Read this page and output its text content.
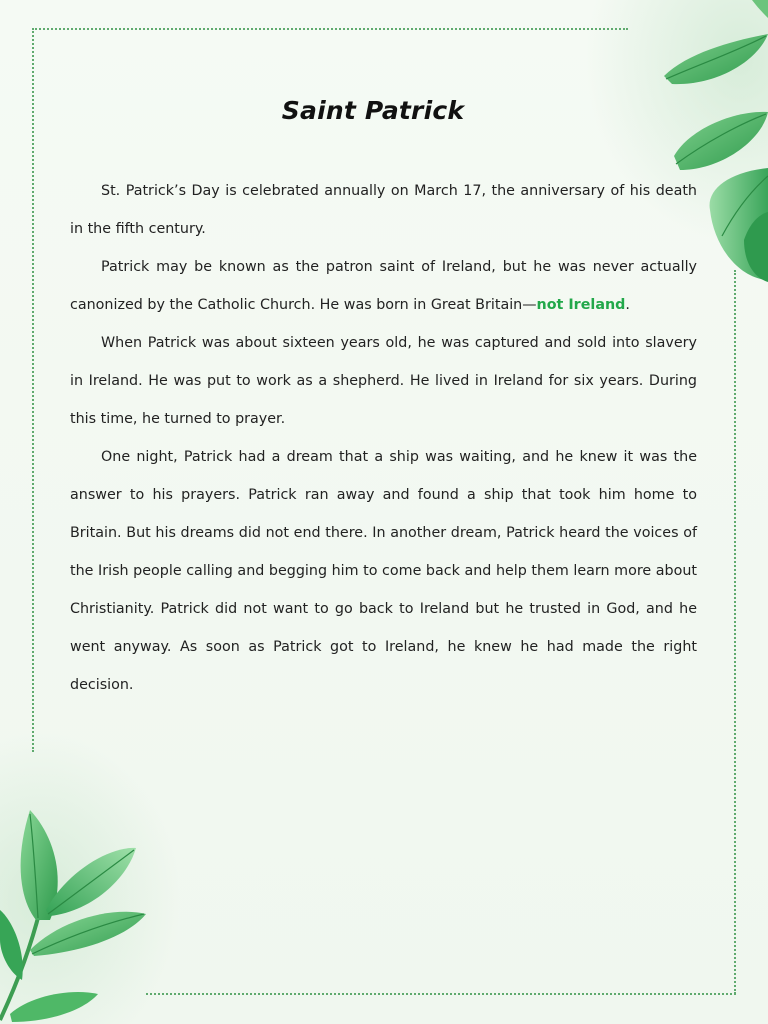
Saint Patrick

St. Patrick’s Day is celebrated annually on March 17, the anniversary of his death in the fifth century.

Patrick may be known as the patron saint of Ireland, but he was never actually canonized by the Catholic Church. He was born in Great Britain—not Ireland.

When Patrick was about sixteen years old, he was captured and sold into slavery in Ireland. He was put to work as a shepherd. He lived in Ireland for six years. During this time, he turned to prayer.

One night, Patrick had a dream that a ship was waiting, and he knew it was the answer to his prayers. Patrick ran away and found a ship that took him home to Britain. But his dreams did not end there. In another dream, Patrick heard the voices of the Irish people calling and begging him to come back and help them learn more about Christianity. Patrick did not want to go back to Ireland but he trusted in God, and he went anyway. As soon as Patrick got to Ireland, he knew he had made the right decision.
